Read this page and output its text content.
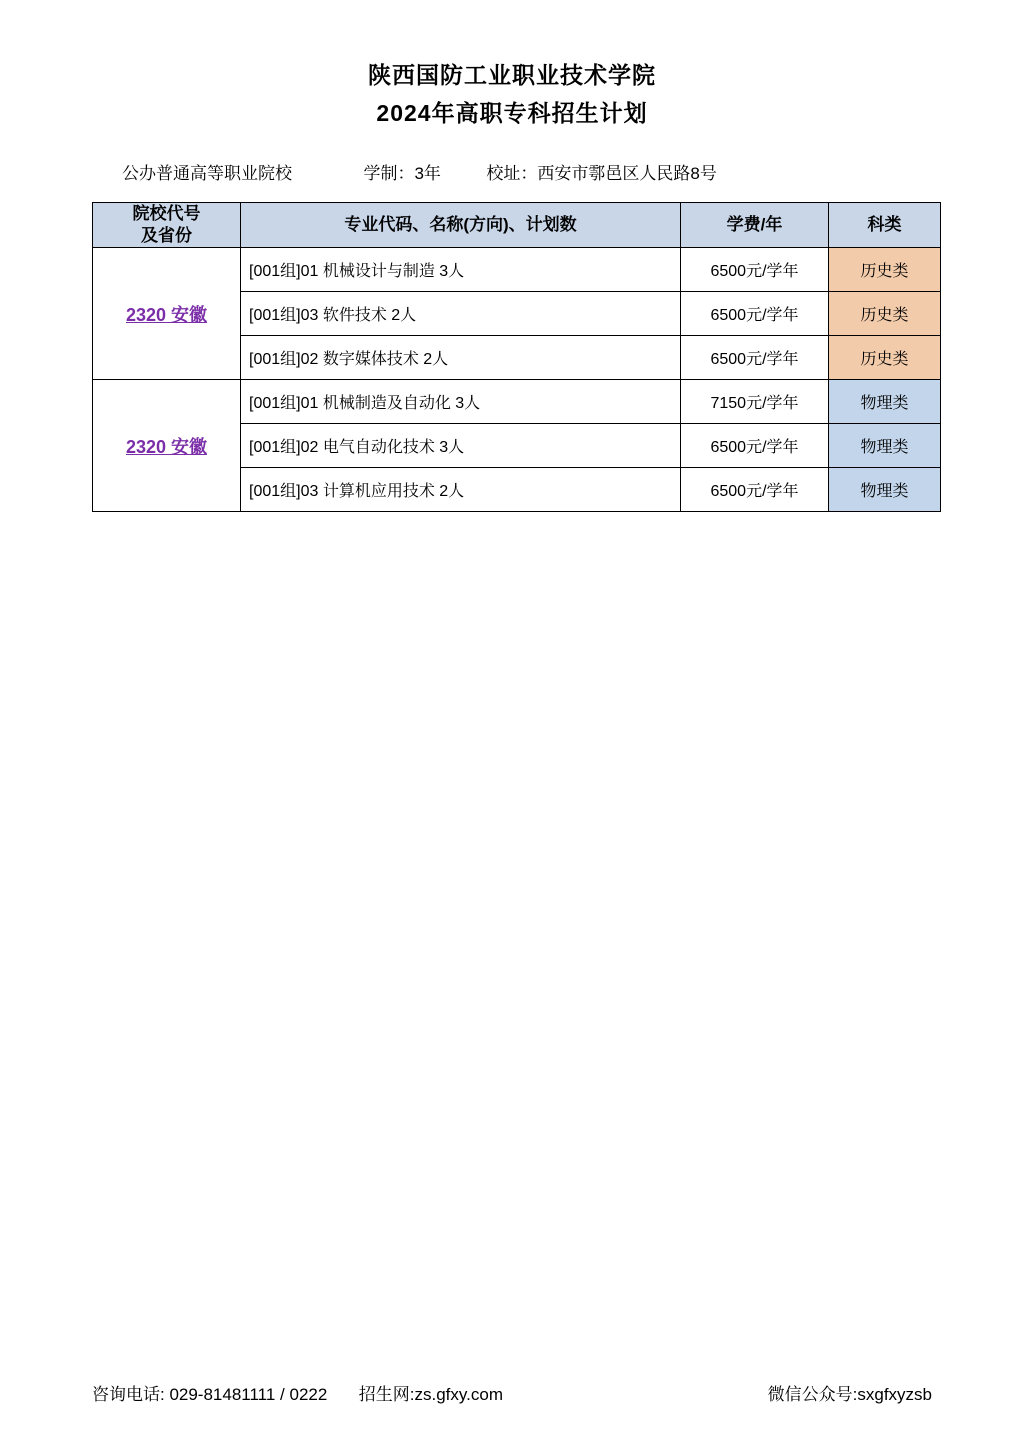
陕西国防工业职业技术学院
2024年高职专科招生计划
公办普通高等职业院校	学制：3年	校址：西安市鄠邑区人民路8号
院校代号
及省份	专业代码、名称(方向)、计划数	学费/年	科类
2320 安徽	[001组]01 机械设计与制造 3人	6500元/学年	历史类
	[001组]03 软件技术 2人	6500元/学年	历史类
	[001组]02 数字媒体技术 2人	6500元/学年	历史类
2320 安徽	[001组]01 机械制造及自动化 3人	7150元/学年	物理类
	[001组]02 电气自动化技术 3人	6500元/学年	物理类
	[001组]03 计算机应用技术 2人	6500元/学年	物理类
咨询电话: 029-81481111 / 0222 招生网:zs.gfxy.com	微信公众号:sxgfxyzsb
